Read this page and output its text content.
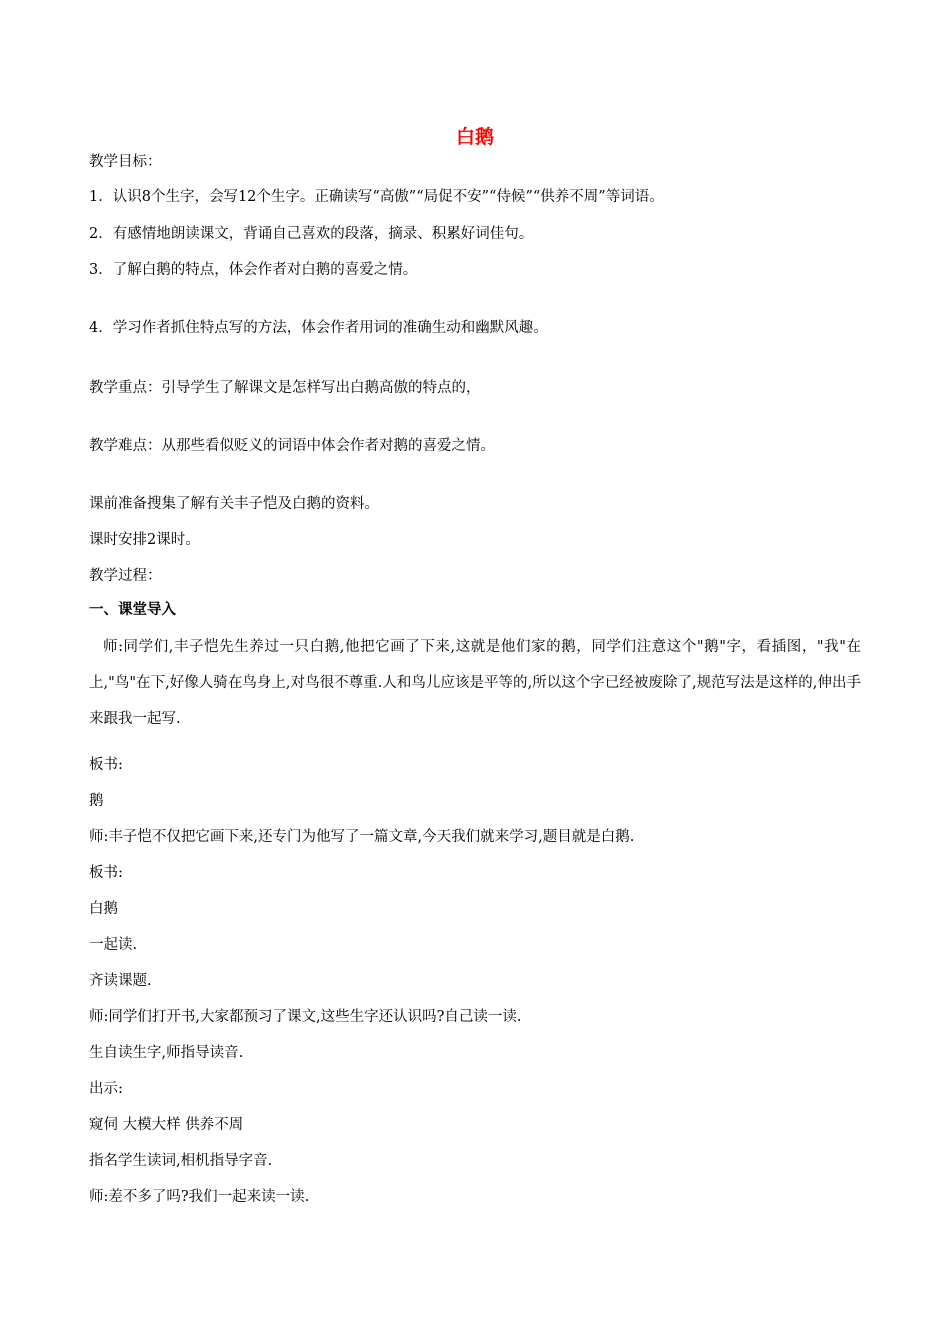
白鹅
教学目标：
1．认识8个生字，会写12个生字。正确读写“高傲”“局促不安”“侍候”“供养不周”等词语。
2．有感情地朗读课文，背诵自己喜欢的段落，摘录、积累好词佳句。
3．了解白鹅的特点，体会作者对白鹅的喜爱之情。
4．学习作者抓住特点写的方法，体会作者用词的准确生动和幽默风趣。
教学重点：引导学生了解课文是怎样写出白鹅高傲的特点的，
教学难点：从那些看似贬义的词语中体会作者对鹅的喜爱之情。
课前准备搜集了解有关丰子恺及白鹅的资料。
课时安排2课时。
教学过程：
一、课堂导入
师:同学们,丰子恺先生养过一只白鹅,他把它画了下来,这就是他们家的鹅，同学们注意这个"鹅"字，看插图，"我"在上,"鸟"在下,好像人骑在鸟身上,对鸟很不尊重.人和鸟儿应该是平等的,所以这个字已经被废除了,规范写法是这样的,伸出手来跟我一起写.
板书:
鹅
师:丰子恺不仅把它画下来,还专门为他写了一篇文章,今天我们就来学习,题目就是白鹅.
板书:
白鹅
一起读.
齐读课题.
师:同学们打开书,大家都预习了课文,这些生字还认识吗?自己读一读.
生自读生字,师指导读音.
出示:
窥伺 大模大样 供养不周
指名学生读词,相机指导字音.
师:差不多了吗?我们一起来读一读.
